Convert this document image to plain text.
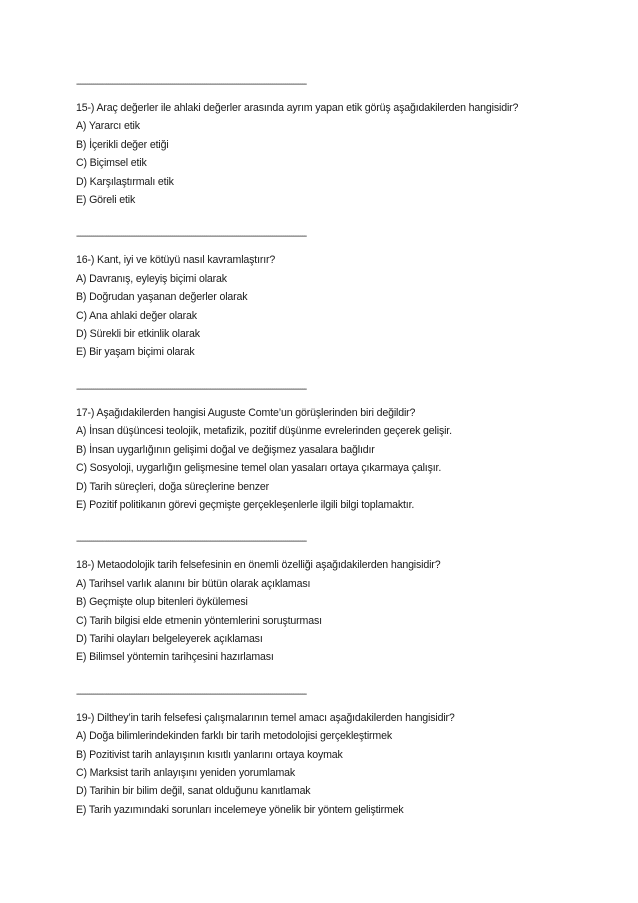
------------------------------------------------------------------------------------------------------------
15-) Araç değerler ile ahlaki değerler arasında ayrım yapan etik görüş aşağıdakilerden hangisidir?
A) Yararcı etik
B) İçerikli değer etiği
C) Biçimsel etik
D) Karşılaştırmalı etik
E) Göreli etik
------------------------------------------------------------------------------------------------------------
16-) Kant, iyi ve kötüyü nasıl kavramlaştırır?
A) Davranış, eyleyiş biçimi olarak
B) Doğrudan yaşanan değerler olarak
C) Ana ahlaki değer olarak
D) Sürekli bir etkinlik olarak
E) Bir yaşam biçimi olarak
------------------------------------------------------------------------------------------------------------
17-) Aşağıdakilerden hangisi Auguste Comte’un görüşlerinden biri değildir?
A) İnsan düşüncesi teolojik, metafizik, pozitif düşünme evrelerinden geçerek gelişir.
B) İnsan uygarlığının gelişimi doğal ve değişmez yasalara bağlıdır
C) Sosyoloji, uygarlığın gelişmesine temel olan yasaları ortaya çıkarmaya çalışır.
D) Tarih süreçleri, doğa süreçlerine benzer
E) Pozitif politikanın görevi geçmişte gerçekleşenlerle ilgili bilgi toplamaktır.
------------------------------------------------------------------------------------------------------------
18-) Metaodolojik tarih felsefesinin en önemli özelliği aşağıdakilerden hangisidir?
A) Tarihsel varlık alanını bir bütün olarak açıklaması
B) Geçmişte olup bitenleri öykülemesi
C) Tarih bilgisi elde etmenin yöntemlerini soruşturması
D) Tarihi olayları belgeleyerek açıklaması
E) Bilimsel yöntemin tarihçesini hazırlaması
------------------------------------------------------------------------------------------------------------
19-) Dilthey’in tarih felsefesi çalışmalarının temel amacı aşağıdakilerden hangisidir?
A) Doğa bilimlerindekinden farklı bir tarih metodolojisi gerçekleştirmek
B) Pozitivist tarih anlayışının kısıtlı yanlarını ortaya koymak
C) Marksist tarih anlayışını yeniden yorumlamak
D) Tarihin bir bilim değil, sanat olduğunu kanıtlamak
E) Tarih yazımındaki sorunları incelemeye yönelik bir yöntem geliştirmek
